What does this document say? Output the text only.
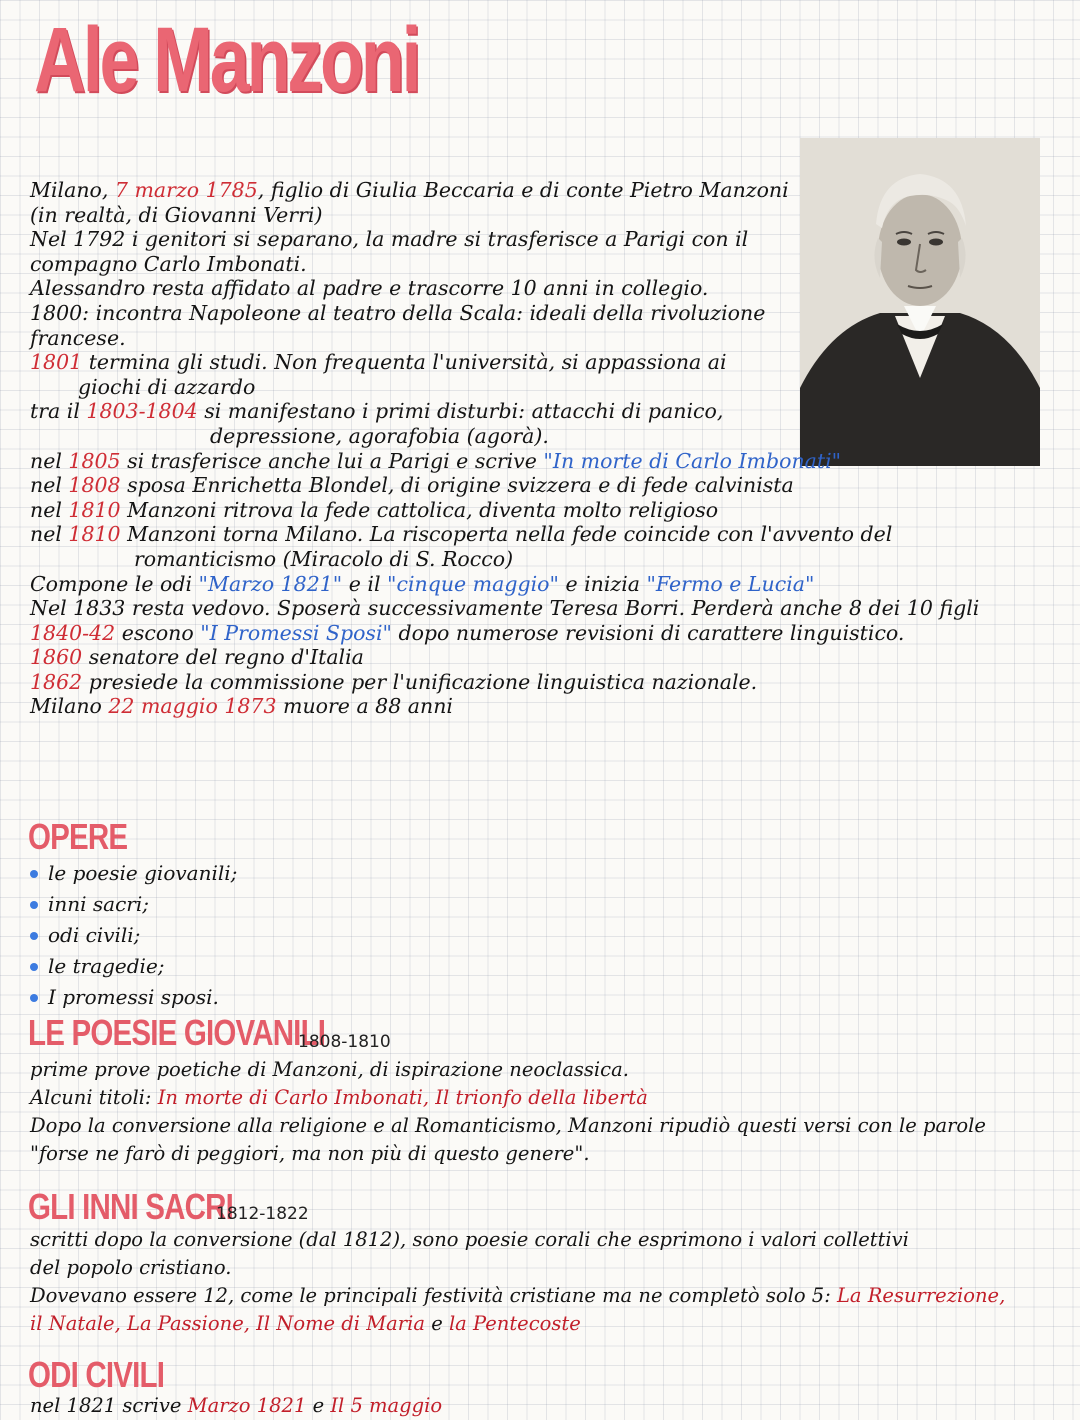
Ale Manzoni

Milano, 7 marzo 1785, figlio di Giulia Beccaria e di conte Pietro Manzoni

(in realtà, di Giovanni Verri)

Nel 1792 i genitori si separano, la madre si trasferisce a Parigi con il

compagno Carlo Imbonati.

Alessandro resta affidato al padre e trascorre 10 anni in collegio.

1800: incontra Napoleone al teatro della Scala: ideali della rivoluzione

francese.

1801 termina gli studi. Non frequenta l'università, si appassiona ai

giochi di azzardo

tra il 1803-1804 si manifestano i primi disturbi: attacchi di panico,

depressione, agorafobia (agorà).

nel 1805 si trasferisce anche lui a Parigi e scrive "In morte di Carlo Imbonati"

nel 1808 sposa Enrichetta Blondel, di origine svizzera e di fede calvinista

nel 1810 Manzoni ritrova la fede cattolica, diventa molto religioso

nel 1810 Manzoni torna Milano. La riscoperta nella fede coincide con l'avvento del

romanticismo (Miracolo di S. Rocco)

Compone le odi "Marzo 1821" e il "cinque maggio" e inizia "Fermo e Lucia"

Nel 1833 resta vedovo. Sposerà successivamente Teresa Borri. Perderà anche 8 dei 10 figli

1840-42 escono "I Promessi Sposi" dopo numerose revisioni di carattere linguistico.

1860 senatore del regno d'Italia

1862 presiede la commissione per l'unificazione linguistica nazionale.

Milano 22 maggio 1873 muore a 88 anni

OPERE
le poesie giovanili;
inni sacri;
odi civili;
le tragedie;
I promessi sposi.
LE POESIE GIOVANILI
1808-1810

prime prove poetiche di Manzoni, di ispirazione neoclassica.

Alcuni titoli: In morte di Carlo Imbonati, Il trionfo della libertà

Dopo la conversione alla religione e al Romanticismo, Manzoni ripudiò questi versi con le parole

"forse ne farò di peggiori, ma non più di questo genere".

GLI INNI SACRI
1812-1822

scritti dopo la conversione (dal 1812), sono poesie corali che esprimono i valori collettivi

del popolo cristiano.

Dovevano essere 12, come le principali festività cristiane ma ne completò solo 5: La Resurrezione,

il Natale, La Passione, Il Nome di Maria e la Pentecoste

ODI CIVILI

nel 1821 scrive Marzo 1821 e Il 5 maggio
